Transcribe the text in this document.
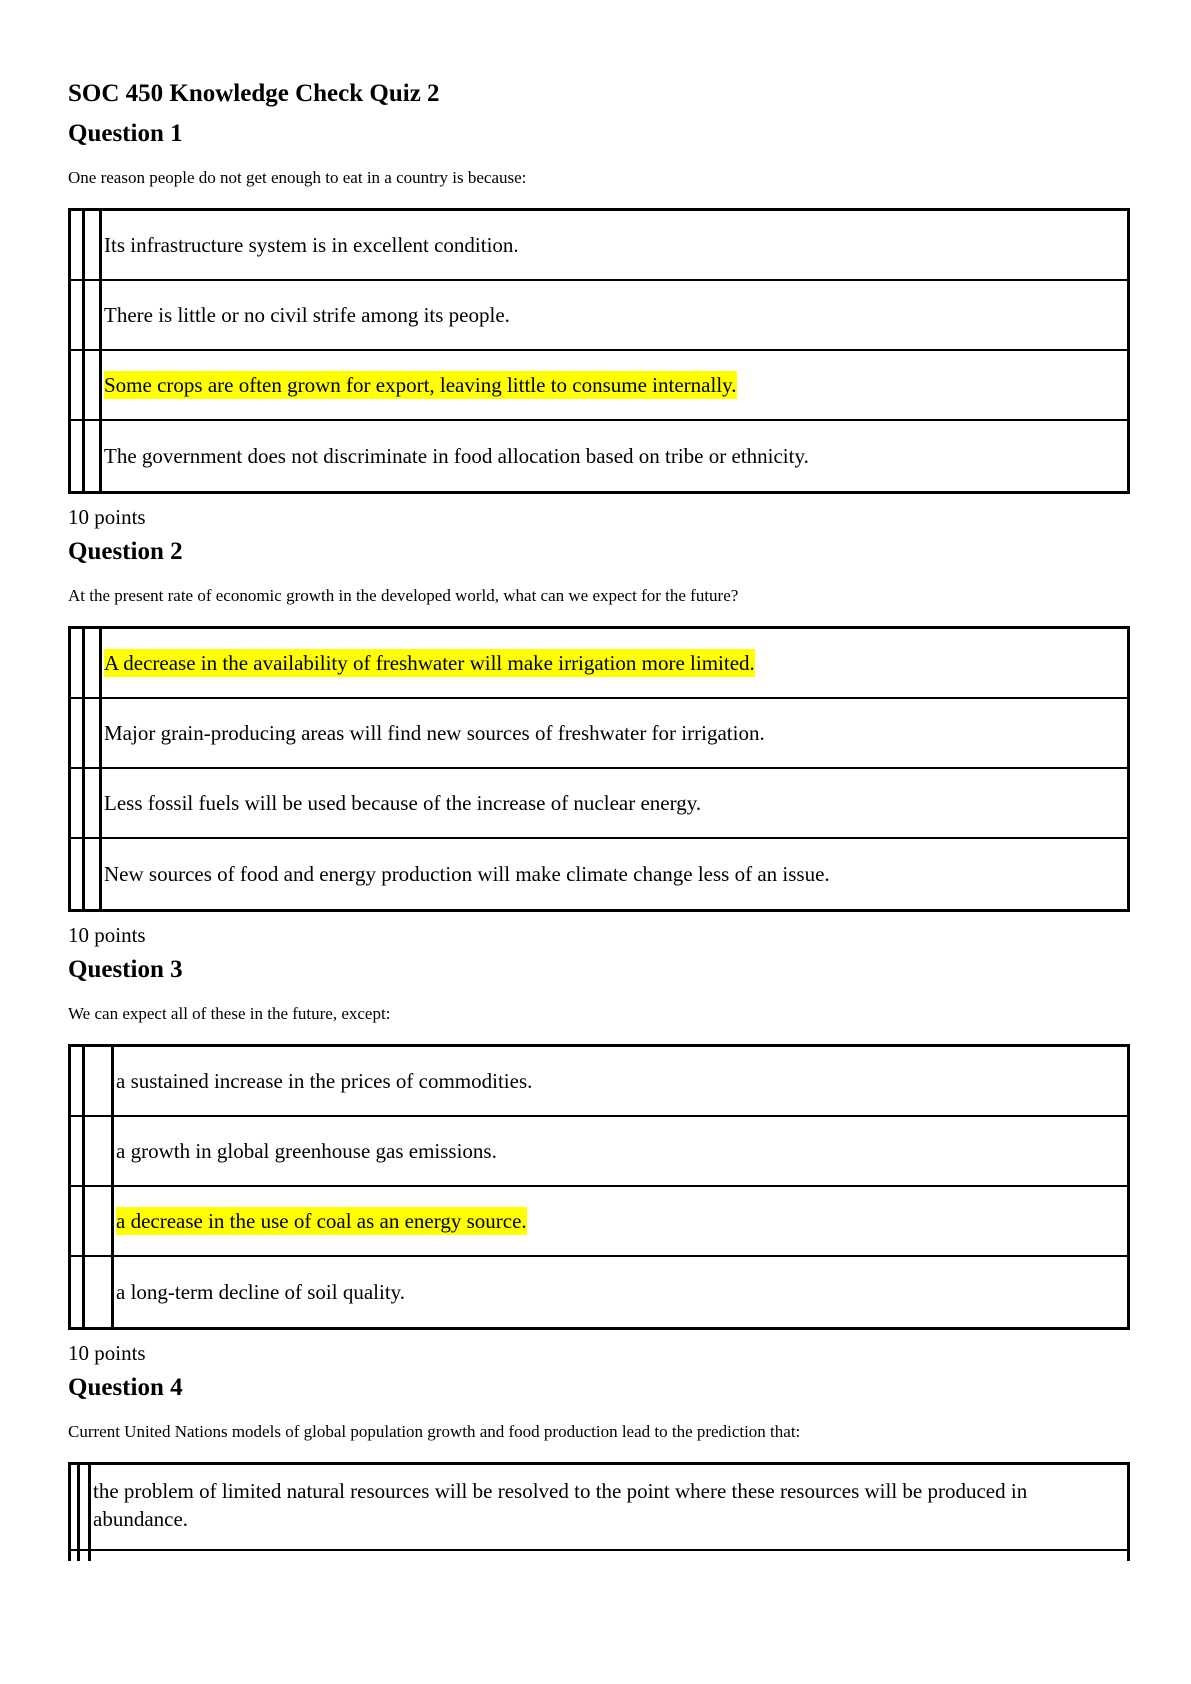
SOC 450 Knowledge Check Quiz 2
Question 1

One reason people do not get enough to eat in a country is because:

Its infrastructure system is in excellent condition.
There is little or no civil strife among its people.
Some crops are often grown for export, leaving little to consume internally.
The government does not discriminate in food allocation based on tribe or ethnicity.

10 points

Question 2

At the present rate of economic growth in the developed world, what can we expect for the future?

A decrease in the availability of freshwater will make irrigation more limited.
Major grain-producing areas will find new sources of freshwater for irrigation.
Less fossil fuels will be used because of the increase of nuclear energy.
New sources of food and energy production will make climate change less of an issue.

10 points

Question 3

We can expect all of these in the future, except:

a sustained increase in the prices of commodities.
a growth in global greenhouse gas emissions.
a decrease in the use of coal as an energy source.
a long-term decline of soil quality.

10 points

Question 4

Current United Nations models of global population growth and food production lead to the prediction that:

the problem of limited natural resources will be resolved to the point where these resources will be produced in abundance.
